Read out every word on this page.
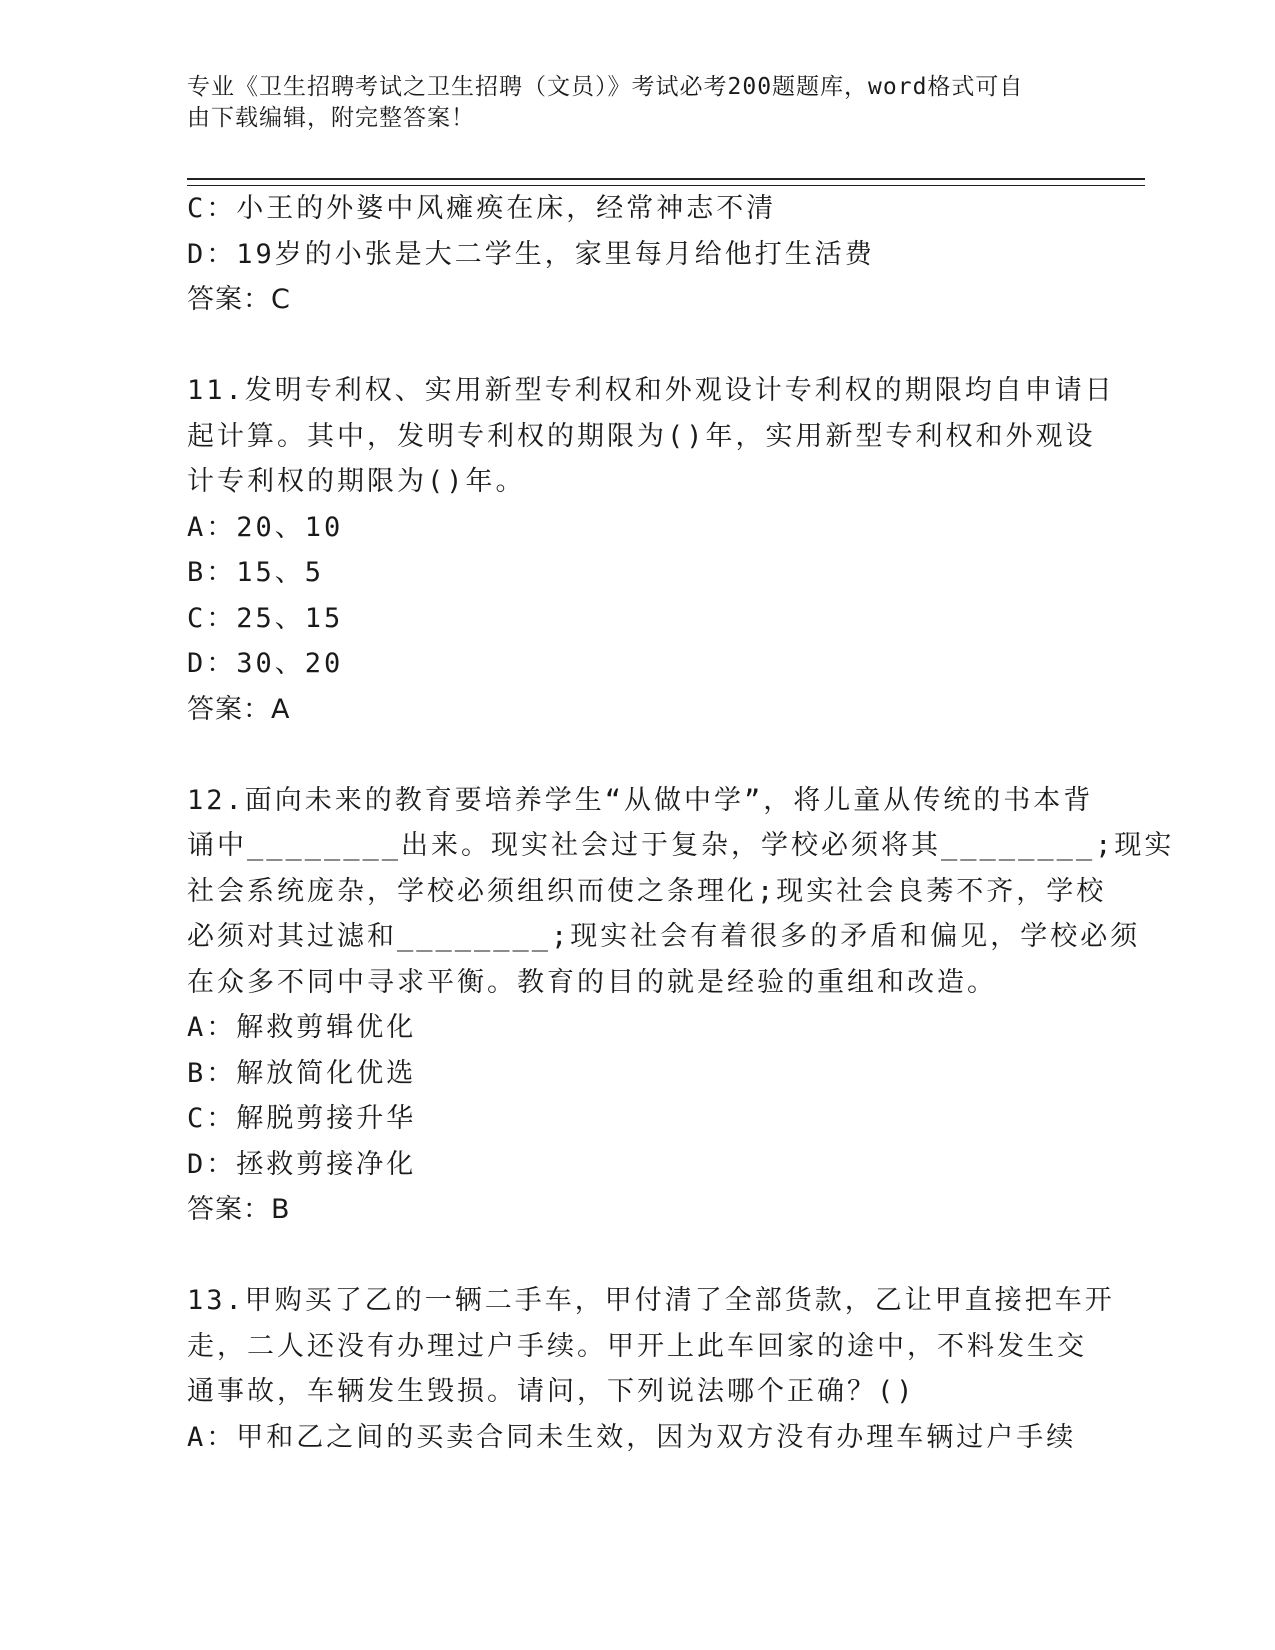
专业《卫生招聘考试之卫生招聘（文员）》考试必考200题题库，word格式可自
由下载编辑，附完整答案！
C：小王的外婆中风瘫痪在床，经常神志不清
D：19岁的小张是大二学生，家里每月给他打生活费
答案：C
11.发明专利权、实用新型专利权和外观设计专利权的期限均自申请日
起计算。其中，发明专利权的期限为()年，实用新型专利权和外观设
计专利权的期限为()年。
A：20、10
B：15、5
C：25、15
D：30、20
答案：A
12.面向未来的教育要培养学生“从做中学”，将儿童从传统的书本背
诵中________出来。现实社会过于复杂，学校必须将其________;现实
社会系统庞杂，学校必须组织而使之条理化;现实社会良莠不齐，学校
必须对其过滤和________;现实社会有着很多的矛盾和偏见，学校必须
在众多不同中寻求平衡。教育的目的就是经验的重组和改造。
A：解救剪辑优化
B：解放简化优选
C：解脱剪接升华
D：拯救剪接净化
答案：B
13.甲购买了乙的一辆二手车，甲付清了全部货款，乙让甲直接把车开
走，二人还没有办理过户手续。甲开上此车回家的途中，不料发生交
通事故，车辆发生毁损。请问，下列说法哪个正确？()
A：甲和乙之间的买卖合同未生效，因为双方没有办理车辆过户手续
